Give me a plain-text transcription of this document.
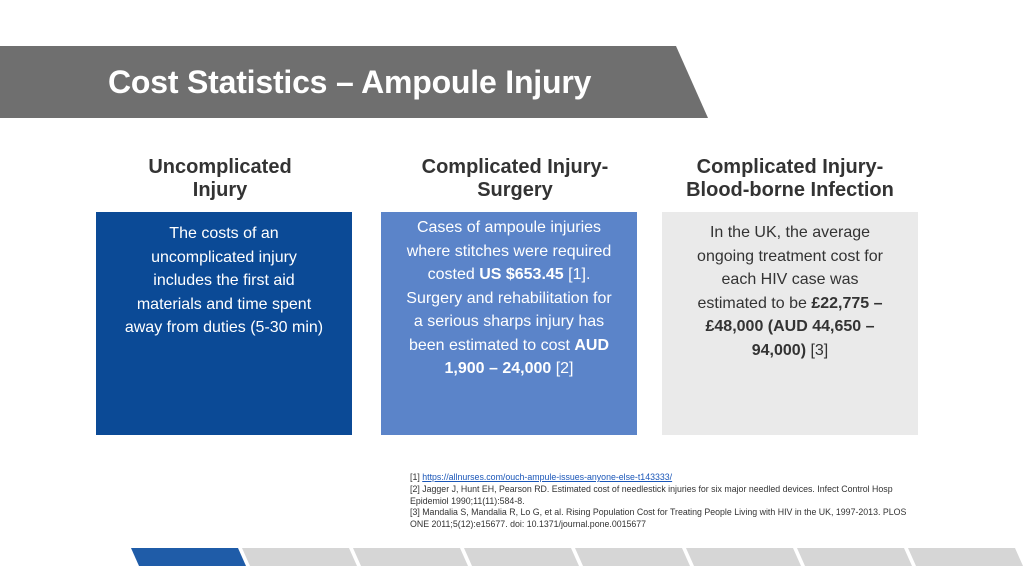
Cost Statistics – Ampoule Injury
Uncomplicated
Injury
The costs of an
uncomplicated injury
includes the first aid
materials and time spent
away from duties (5-30 min)
Complicated Injury-
Surgery
Cases of ampoule injuries
where stitches were required
costed US $653.45 [1].
Surgery and rehabilitation for
a serious sharps injury has
been estimated to cost AUD
1,900 – 24,000 [2]
Complicated Injury-
Blood-borne Infection
In the UK, the average
ongoing treatment cost for
each HIV case was
estimated to be £22,775 –
£48,000 (AUD 44,650 –
94,000) [3]
[1] https://allnurses.com/ouch-ampule-issues-anyone-else-t143333/
[2] Jagger J, Hunt EH, Pearson RD. Estimated cost of needlestick injuries for six major needled devices. Infect Control Hosp
Epidemiol 1990;11(11):584-8.
[3] Mandalia S, Mandalia R, Lo G, et al. Rising Population Cost for Treating People Living with HIV in the UK, 1997-2013. PLOS
ONE 2011;5(12):e15677. doi: 10.1371/journal.pone.0015677
